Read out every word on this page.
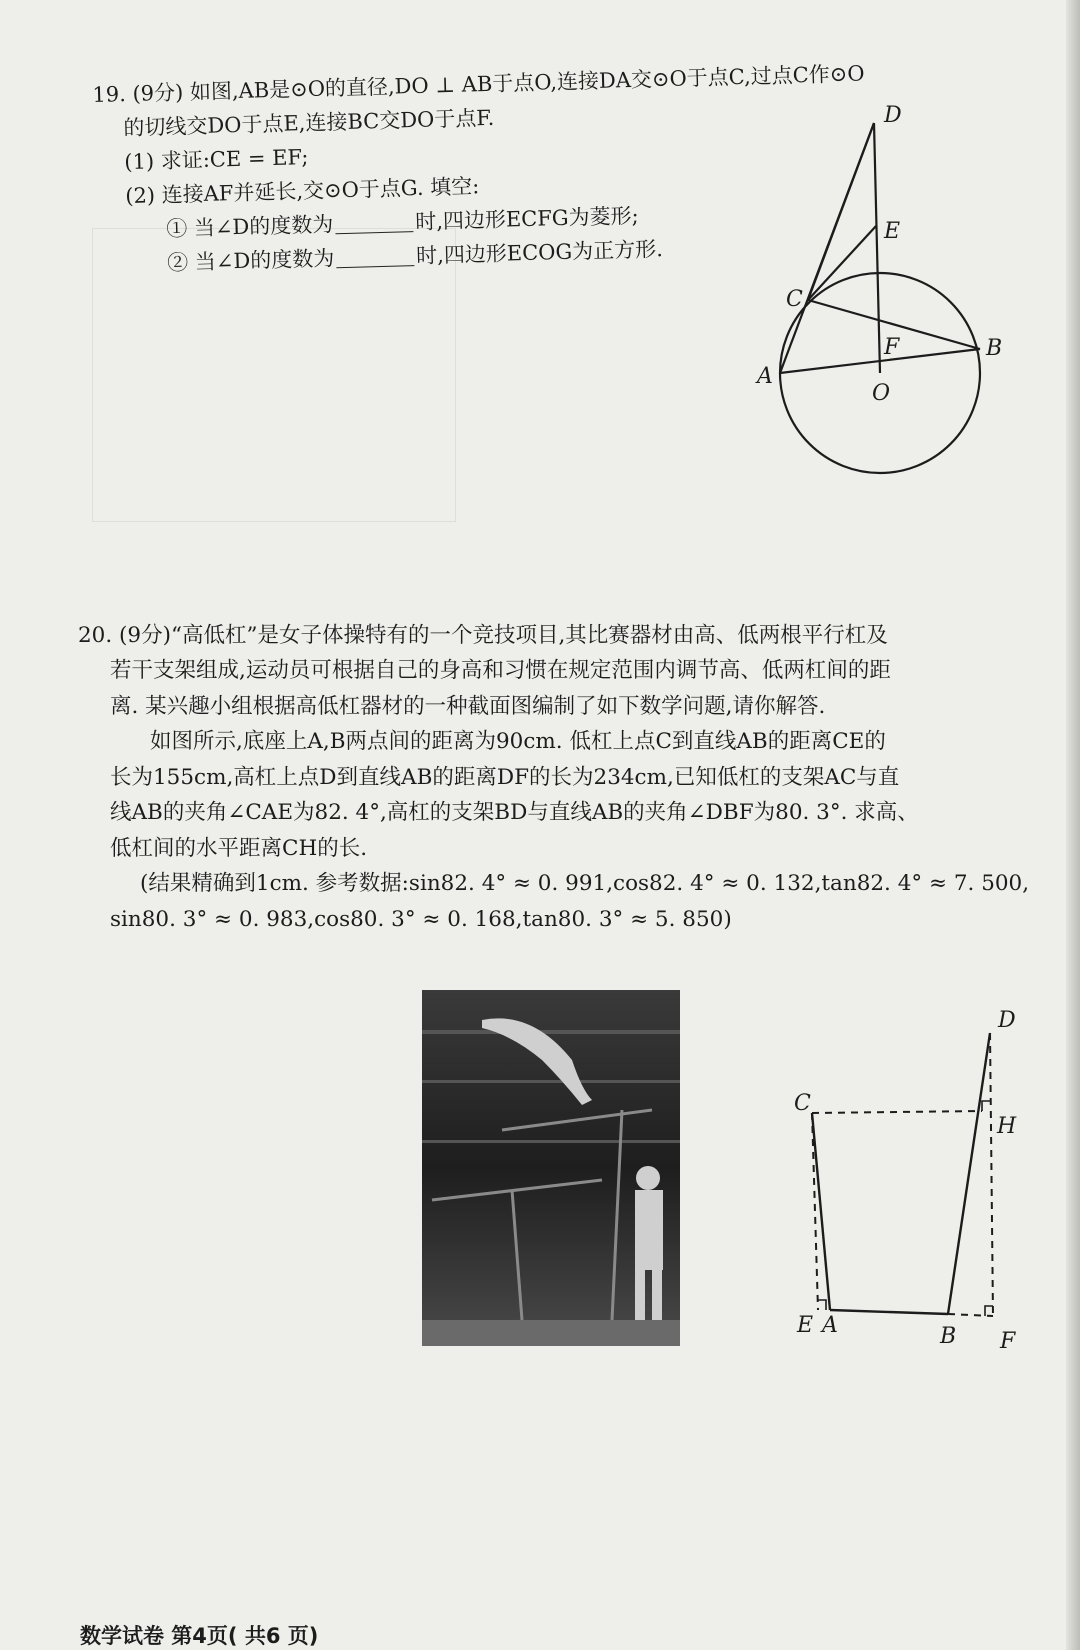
19. (9分) 如图,AB是⊙O的直径,DO ⊥ AB于点O,连接DA交⊙O于点C,过点C作⊙O
的切线交DO于点E,连接BC交DO于点F.
(1) 求证:CE = EF;
(2) 连接AF并延长,交⊙O于点G. 填空:
① 当∠D的度数为	时,四边形ECFG为菱形;
② 当∠D的度数为	时,四边形ECOG为正方形.
D
E
C
F	B
A
O
20. (9分)“高低杠”是女子体操特有的一个竞技项目,其比赛器材由高、低两根平行杠及
若干支架组成,运动员可根据自己的身高和习惯在规定范围内调节高、低两杠间的距
离. 某兴趣小组根据高低杠器材的一种截面图编制了如下数学问题,请你解答.
如图所示,底座上A,B两点间的距离为90cm. 低杠上点C到直线AB的距离CE的
长为155cm,高杠上点D到直线AB的距离DF的长为234cm,已知低杠的支架AC与直
线AB的夹角∠CAE为82. 4°,高杠的支架BD与直线AB的夹角∠DBF为80. 3°. 求高、
低杠间的水平距离CH的长.
(结果精确到1cm. 参考数据:sin82. 4° ≈ 0. 991,cos82. 4° ≈ 0. 132,tan82. 4° ≈ 7. 500,
sin80. 3° ≈ 0. 983,cos80. 3° ≈ 0. 168,tan80. 3° ≈ 5. 850)
D
C
H
E A	B F
数学试卷 第4页( 共6 页)
